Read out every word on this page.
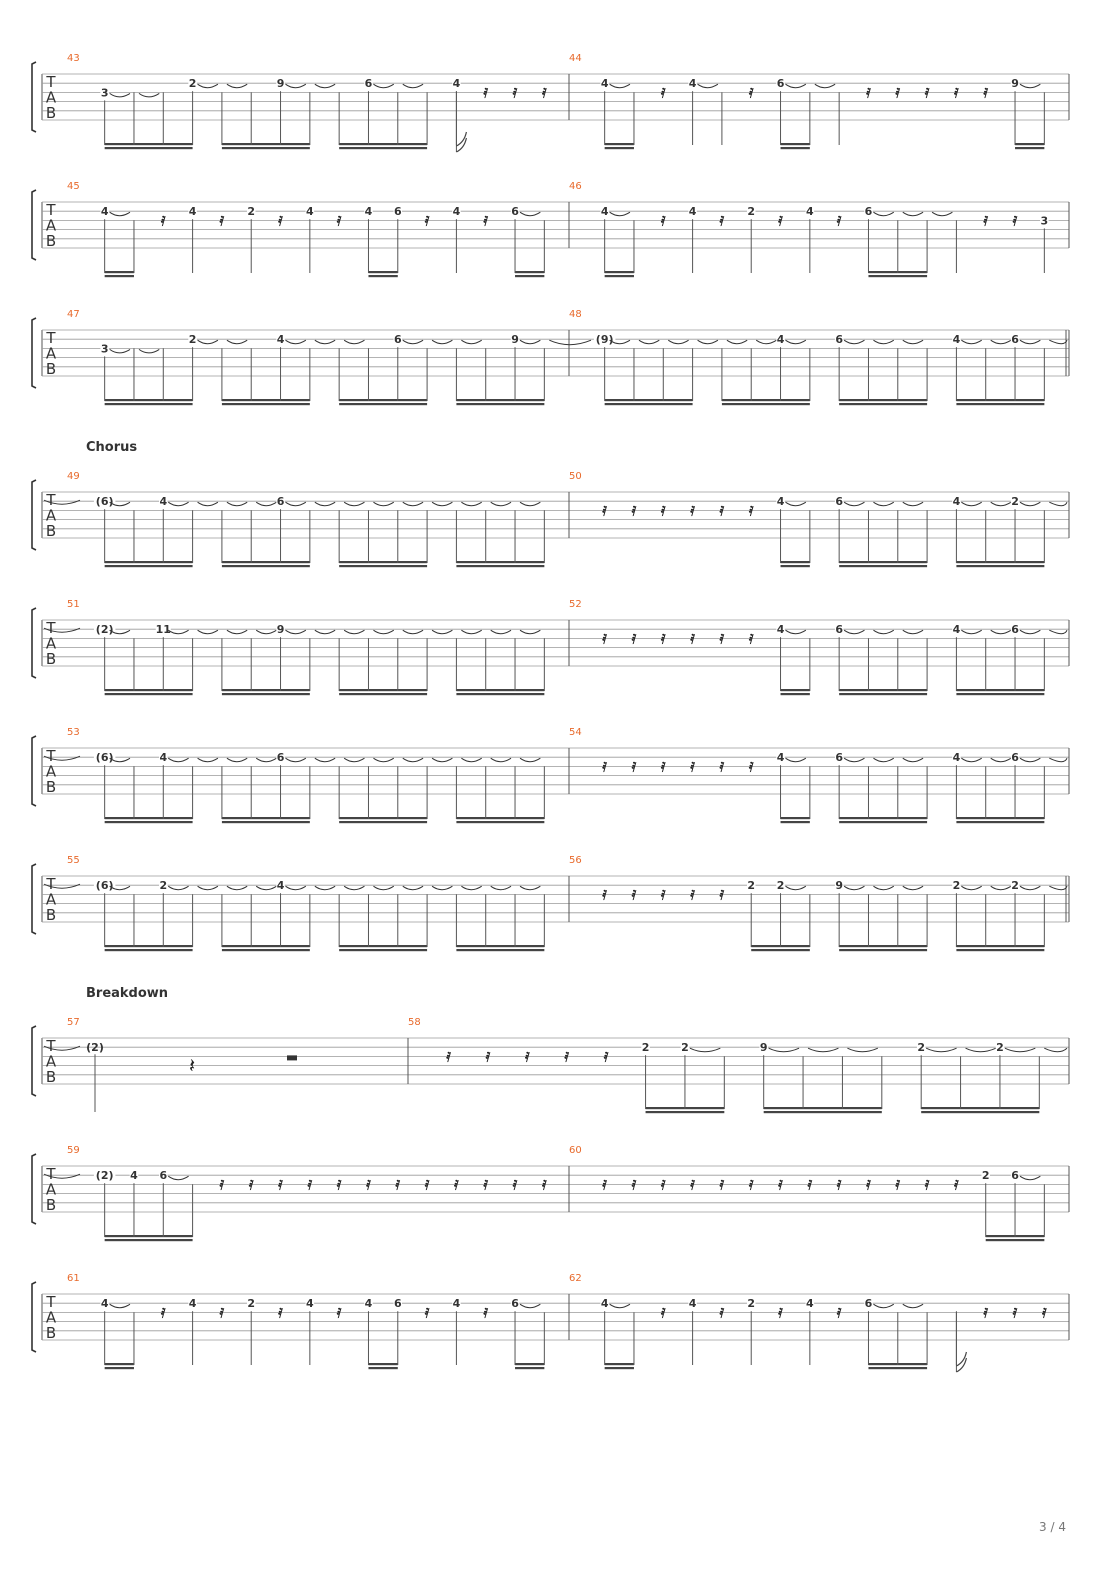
3 / 4
T
A
B
43
3
2	9	6	4
𝅀 𝅀 𝅀
44
4
𝅀
4
𝅀
6
𝅀 𝅀 𝅀 𝅀 𝅀
9
T
A
B
45
4
𝅀
4
𝅀
2
𝅀
4
𝅀
4 6
𝅀
4
𝅀
6
46
4
𝅀
4
𝅀
2
𝅀
4
𝅀
6
𝅀 𝅀 3
T
A
B
47
3
2	4	6	9
48
(9)	4	6	4	6
Chorus
T
A
B
49
(6)	4	6
50
𝅀 𝅀 𝅀 𝅀 𝅀 𝅀
4	6	4	2
T
A
B
51
(2)	11	9
52
𝅀 𝅀 𝅀 𝅀 𝅀 𝅀
4	6	4	6
T
A
B
53
(6)	4	6
54
𝅀 𝅀 𝅀 𝅀 𝅀 𝅀
4	6	4	6
T
A
B
55
(6)	2	4
56
𝅀 𝅀 𝅀 𝅀 𝅀
2 2	9	2	2
Breakdown
T
A
B
57
(2)
𝄽
58
𝅀	𝅀	𝅀	𝅀	𝅀
2	2	9	2	2
T
A
B
59
(2) 4 6
𝅀 𝅀 𝅀 𝅀 𝅀 𝅀 𝅀 𝅀 𝅀 𝅀 𝅀 𝅀
60
𝅀 𝅀 𝅀 𝅀 𝅀 𝅀 𝅀 𝅀 𝅀 𝅀 𝅀 𝅀 𝅀
2 6
T
A
B
61
4
𝅀
4
𝅀
2
𝅀
4
𝅀
4 6
𝅀
4
𝅀
6
62
4
𝅀
4
𝅀
2
𝅀
4
𝅀
6
𝅀 𝅀 𝅀
